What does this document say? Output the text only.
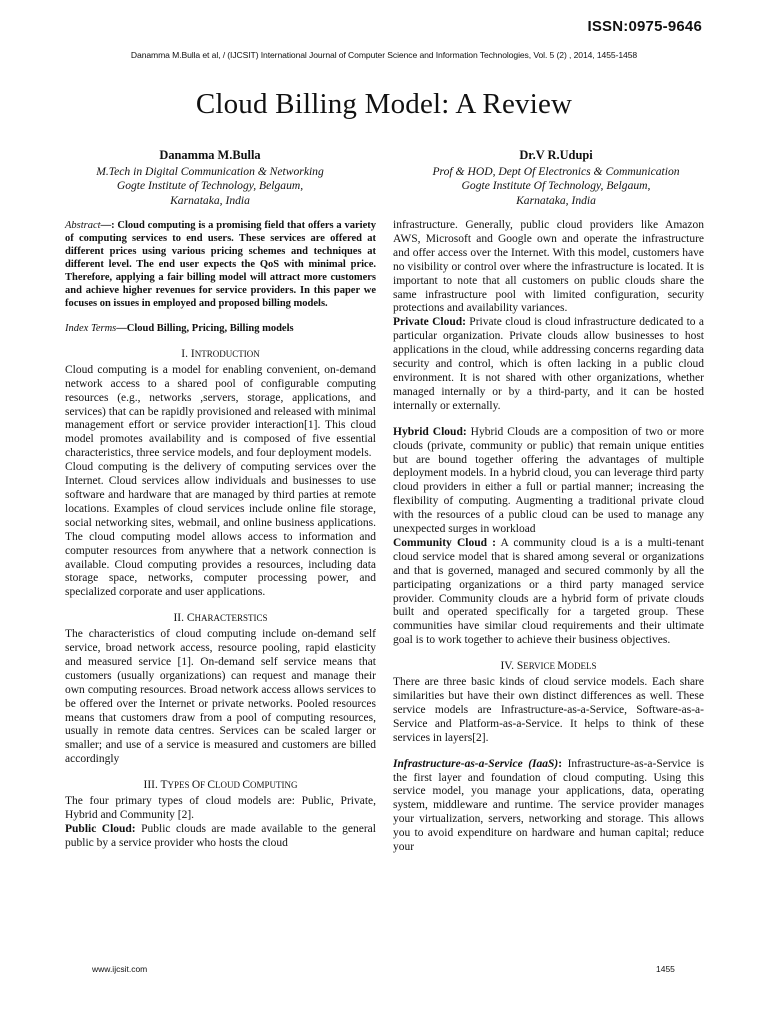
ISSN:0975-9646
Danamma M.Bulla et al, / (IJCSIT) International Journal of Computer Science and Information Technologies, Vol. 5 (2) , 2014, 1455-1458
Cloud Billing Model: A Review
Danamma M.Bulla
M.Tech in Digital Communication & Networking
Gogte Institute of Technology, Belgaum,
Karnataka, India
Dr.V R.Udupi
Prof & HOD, Dept Of Electronics & Communication
Gogte Institute Of Technology, Belgaum,
Karnataka, India

Abstract—: Cloud computing is a promising field that offers a variety of computing services to end users. These services are offered at different prices using various pricing schemes and techniques at different level. The end user expects the QoS with minimal price. Therefore, applying a fair billing model will attract more customers and achieve higher revenues for service providers. In this paper we focuses on issues in employed and proposed billing models.

Index Terms—Cloud Billing, Pricing, Billing models

I. INTRODUCTION

Cloud computing is a model for enabling convenient, on-demand network access to a shared pool of configurable computing resources (e.g., networks ,servers, storage, applications, and services) that can be rapidly provisioned and released with minimal management effort or service provider interaction[1]. This cloud model promotes availability and is composed of five essential characteristics, three service models, and four deployment models.

Cloud computing is the delivery of computing services over the Internet. Cloud services allow individuals and businesses to use software and hardware that are managed by third parties at remote locations. Examples of cloud services include online file storage, social networking sites, webmail, and online business applications. The cloud computing model allows access to information and computer resources from anywhere that a network connection is available. Cloud computing provides a resources, including data storage space, networks, computer processing power, and specialized corporate and user applications.

II. CHARACTERSTICS

The characteristics of cloud computing include on-demand self service, broad network access, resource pooling, rapid elasticity and measured service [1]. On-demand self service means that customers (usually organizations) can request and manage their own computing resources. Broad network access allows services to be offered over the Internet or private networks. Pooled resources means that customers draw from a pool of computing resources, usually in remote data centres. Services can be scaled larger or smaller; and use of a service is measured and customers are billed accordingly

III. TYPES OF CLOUD COMPUTING

The four primary types of cloud models are: Public, Private, Hybrid and Community [2].

Public Cloud: Public clouds are made available to the general public by a service provider who hosts the cloud

infrastructure. Generally, public cloud providers like Amazon AWS, Microsoft and Google own and operate the infrastructure and offer access over the Internet. With this model, customers have no visibility or control over where the infrastructure is located. It is important to note that all customers on public clouds share the same infrastructure pool with limited configuration, security protections and availability variances.

Private Cloud: Private cloud is cloud infrastructure dedicated to a particular organization. Private clouds allow businesses to host applications in the cloud, while addressing concerns regarding data security and control, which is often lacking in a public cloud environment. It is not shared with other organizations, whether managed internally or by a third-party, and it can be hosted internally or externally.

Hybrid Cloud: Hybrid Clouds are a composition of two or more clouds (private, community or public) that remain unique entities but are bound together offering the advantages of multiple deployment models. In a hybrid cloud, you can leverage third party cloud providers in either a full or partial manner; increasing the flexibility of computing. Augmenting a traditional private cloud with the resources of a public cloud can be used to manage any unexpected surges in workload

Community Cloud : A community cloud is a is a multi-tenant cloud service model that is shared among several or organizations and that is governed, managed and secured commonly by all the participating organizations or a third party managed service provider. Community clouds are a hybrid form of private clouds built and operated specifically for a targeted group. These communities have similar cloud requirements and their ultimate goal is to work together to achieve their business objectives.

IV. SERVICE MODELS

There are three basic kinds of cloud service models. Each share similarities but have their own distinct differences as well. These service models are Infrastructure-as-a-Service, Software-as-a-Service and Platform-as-a-Service. It helps to think of these services in layers[2].

Infrastructure-as-a-Service (IaaS): Infrastructure-as-a-Service is the first layer and foundation of cloud computing. Using this service model, you manage your applications, data, operating system, middleware and runtime. The service provider manages your virtualization, servers, networking and storage. This allows you to avoid expenditure on hardware and human capital; reduce your

www.ijcsit.com	1455
